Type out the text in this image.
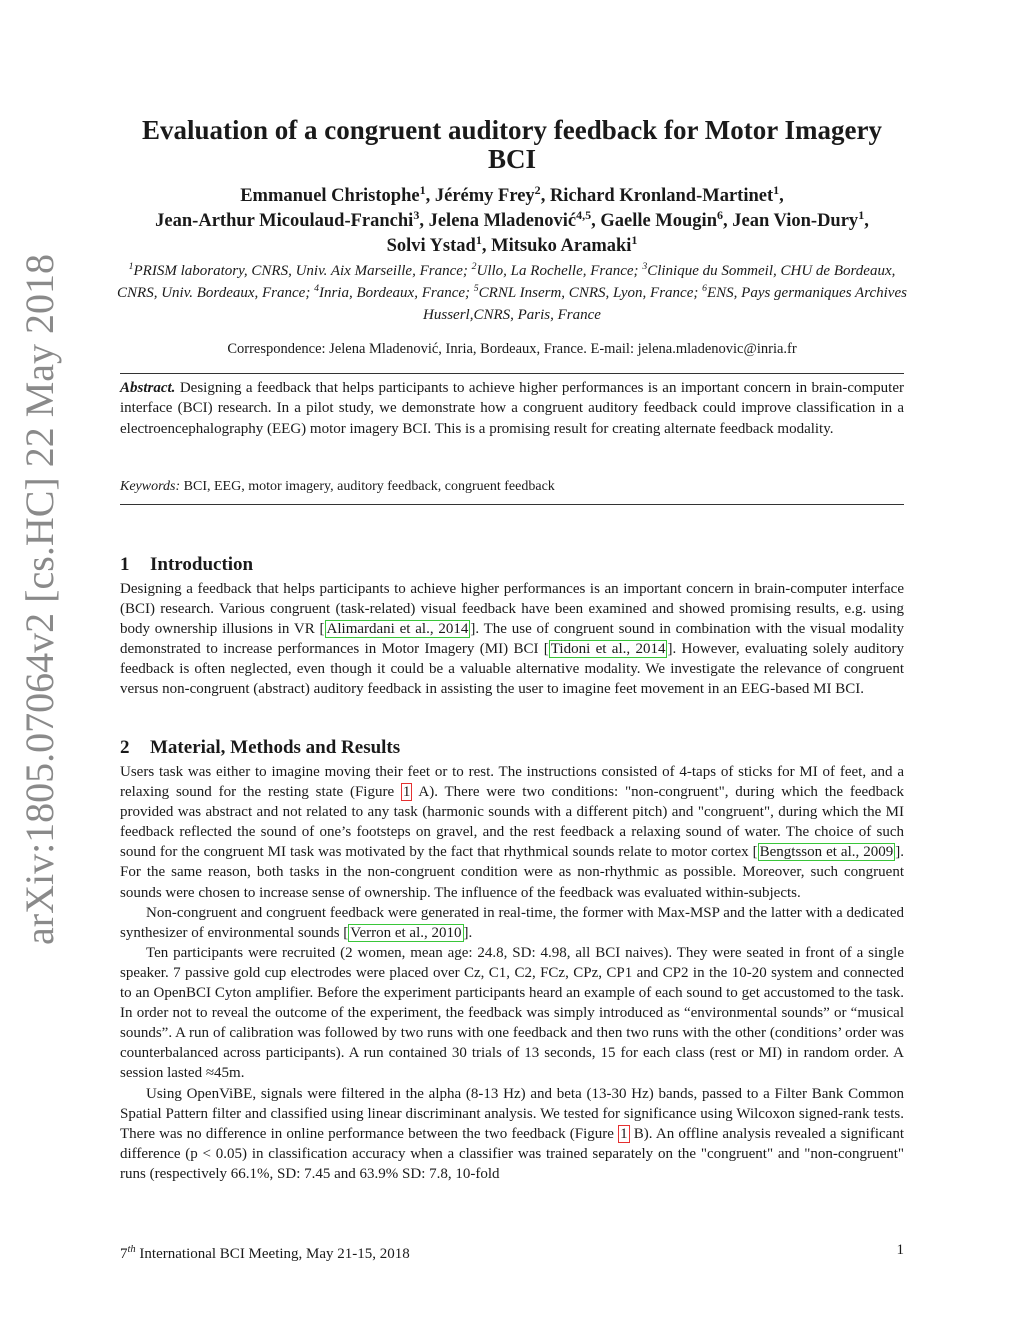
arXiv:1805.07064v2 [cs.HC] 22 May 2018
Evaluation of a congruent auditory feedback for Motor Imagery BCI
Emmanuel Christophe$^1$, Jérémy Frey$^2$, Richard Kronland-Martinet$^1$,
Jean-Arthur Micoulaud-Franchi$^3$, Jelena Mladenović$^{4,5}$, Gaelle Mougin$^6$, Jean Vion-Dury$^1$,
Solvi Ystad$^1$, Mitsuko Aramaki$^1$
$^1$PRISM laboratory, CNRS, Univ. Aix Marseille, France; $^2$Ullo, La Rochelle, France; $^3$Clinique du Sommeil, CHU de Bordeaux, CNRS, Univ. Bordeaux, France; $^4$Inria, Bordeaux, France; $^5$CRNL Inserm, CNRS, Lyon, France; $^6$ENS, Pays germaniques Archives Husserl,CNRS, Paris, France
Correspondence: Jelena Mladenović, Inria, Bordeaux, France. E-mail: jelena.mladenovic@inria.fr
Abstract. Designing a feedback that helps participants to achieve higher performances is an important concern in brain-computer interface (BCI) research. In a pilot study, we demonstrate how a congruent auditory feedback could improve classification in a electroencephalography (EEG) motor imagery BCI. This is a promising result for creating alternate feedback modality.
Keywords: BCI, EEG, motor imagery, auditory feedback, congruent feedback
1 Introduction

Designing a feedback that helps participants to achieve higher performances is an important concern in brain-computer interface (BCI) research. Various congruent (task-related) visual feedback have been examined and showed promising results, e.g. using body ownership illusions in VR [ Alimardani et al., 2014 ]. The use of congruent sound in combination with the visual modality demonstrated to increase performances in Motor Imagery (MI) BCI [ Tidoni et al., 2014 ]. However, evaluating solely auditory feedback is often neglected, even though it could be a valuable alternative modality. We investigate the relevance of congruent versus non-congruent (abstract) auditory feedback in assisting the user to imagine feet movement in an EEG-based MI BCI.

2 Material, Methods and Results

Users task was either to imagine moving their feet or to rest. The instructions consisted of 4-taps of sticks for MI of feet, and a relaxing sound for the resting state (Figure 1 A). There were two conditions: "non-congruent", during which the feedback provided was abstract and not related to any task (harmonic sounds with a different pitch) and "congruent", during which the MI feedback reflected the sound of one’s footsteps on gravel, and the rest feedback a relaxing sound of water. The choice of such sound for the congruent MI task was motivated by the fact that rhythmical sounds relate to motor cortex [ Bengtsson et al., 2009 ]. For the same reason, both tasks in the non-congruent condition were as non-rhythmic as possible. Moreover, such congruent sounds were chosen to increase sense of ownership. The influence of the feedback was evaluated within-subjects.

Non-congruent and congruent feedback were generated in real-time, the former with Max-MSP and the latter with a dedicated synthesizer of environmental sounds [ Verron et al., 2010 ].

Ten participants were recruited (2 women, mean age: 24.8, SD: 4.98, all BCI naives). They were seated in front of a single speaker. 7 passive gold cup electrodes were placed over Cz, C1, C2, FCz, CPz, CP1 and CP2 in the 10-20 system and connected to an OpenBCI Cyton amplifier. Before the experiment participants heard an example of each sound to get accustomed to the task. In order not to reveal the outcome of the experiment, the feedback was simply introduced as “environmental sounds” or “musical sounds”. A run of calibration was followed by two runs with one feedback and then two runs with the other (conditions’ order was counterbalanced across participants). A run contained 30 trials of 13 seconds, 15 for each class (rest or MI) in random order. A session lasted ≈45m.

Using OpenViBE, signals were filtered in the alpha (8-13 Hz) and beta (13-30 Hz) bands, passed to a Filter Bank Common Spatial Pattern filter and classified using linear discriminant analysis. We tested for significance using Wilcoxon signed-rank tests. There was no difference in online performance between the two feedback (Figure 1 B). An offline analysis revealed a significant difference (p < 0.05) in classification accuracy when a classifier was trained separately on the "congruent" and "non-congruent" runs (respectively 66.1%, SD: 7.45 and 63.9% SD: 7.8, 10-fold

7th International BCI Meeting, May 21-15, 2018	1
